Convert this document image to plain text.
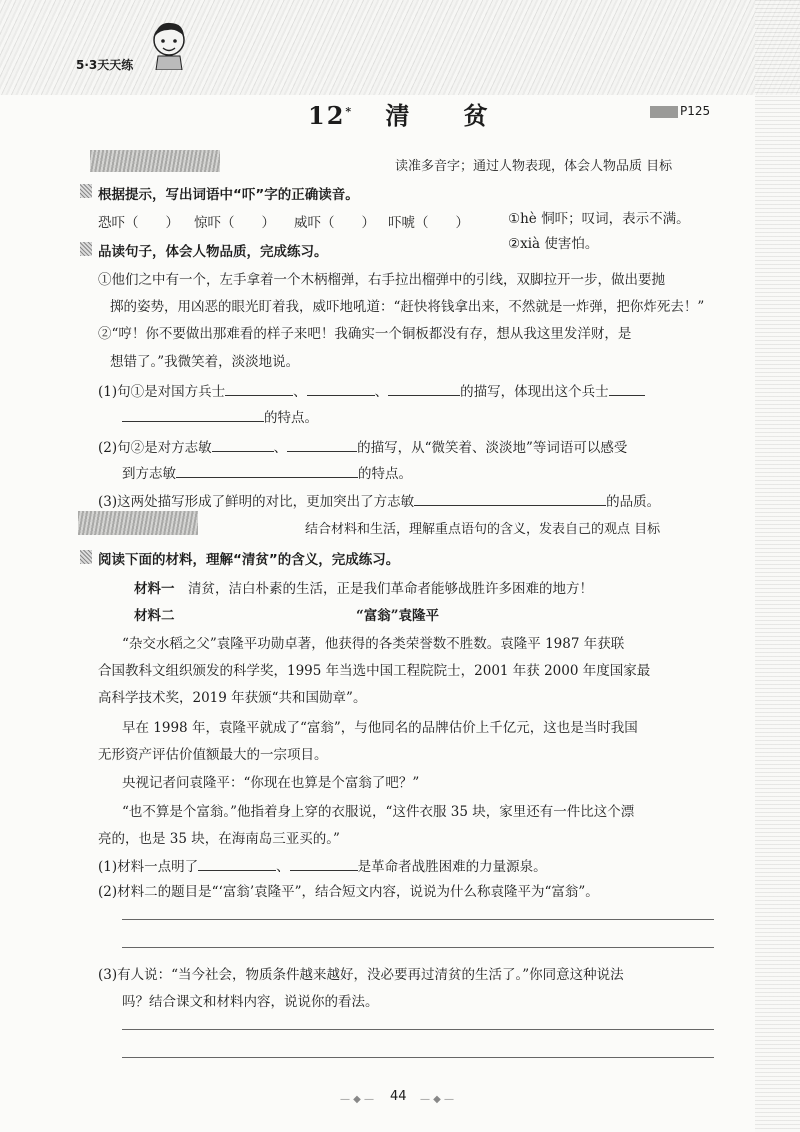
5·3天天练
12* 清　　贫	P125
读准多音字；通过人物表现，体会人物品质 目标
根据提示，写出词语中“吓”字的正确读音。
恐吓（　　） 惊吓（　　） 威吓（　　） 吓唬（　　）	①hè 恫吓；叹词，表示不满。
②xià 使害怕。
品读句子，体会人物品质，完成练习。
①他们之中有一个，左手拿着一个木柄榴弹，右手拉出榴弹中的引线，双脚拉开一步，做出要抛
掷的姿势，用凶恶的眼光盯着我，威吓地吼道：“赶快将钱拿出来，不然就是一炸弹，把你炸死去！”
②“哼！你不要做出那难看的样子来吧！我确实一个铜板都没有存，想从我这里发洋财，是
想错了。”我微笑着，淡淡地说。
(1)句①是对国方兵士	、	、	的描写，体现出这个兵士
的特点。
(2)句②是对方志敏	、	的描写，从“微笑着、淡淡地”等词语可以感受
到方志敏	的特点。
(3)这两处描写形成了鲜明的对比，更加突出了方志敏	的品质。
结合材料和生活，理解重点语句的含义，发表自己的观点 目标
阅读下面的材料，理解“清贫”的含义，完成练习。
材料一　 清贫，洁白朴素的生活，正是我们革命者能够战胜许多困难的地方！
材料二	“富翁”袁隆平
“杂交水稻之父”袁隆平功勋卓著，他获得的各类荣誉数不胜数。袁隆平 1987 年获联
合国教科文组织颁发的科学奖，1995 年当选中国工程院院士，2001 年获 2000 年度国家最
高科学技术奖，2019 年获颁“共和国勋章”。
早在 1998 年，袁隆平就成了“富翁”，与他同名的品牌估价上千亿元，这也是当时我国
无形资产评估价值额最大的一宗项目。
央视记者问袁隆平：“你现在也算是个富翁了吧？”
“也不算是个富翁。”他指着身上穿的衣服说，“这件衣服 35 块，家里还有一件比这个漂
亮的，也是 35 块，在海南岛三亚买的。”
(1)材料一点明了	、	是革命者战胜困难的力量源泉。
(2)材料二的题目是“‘富翁’袁隆平”，结合短文内容，说说为什么称袁隆平为“富翁”。
(3)有人说：“当今社会，物质条件越来越好，没必要再过清贫的生活了。”你同意这种说法
吗？结合课文和材料内容，说说你的看法。
— ◆ — 44 — ◆ —
